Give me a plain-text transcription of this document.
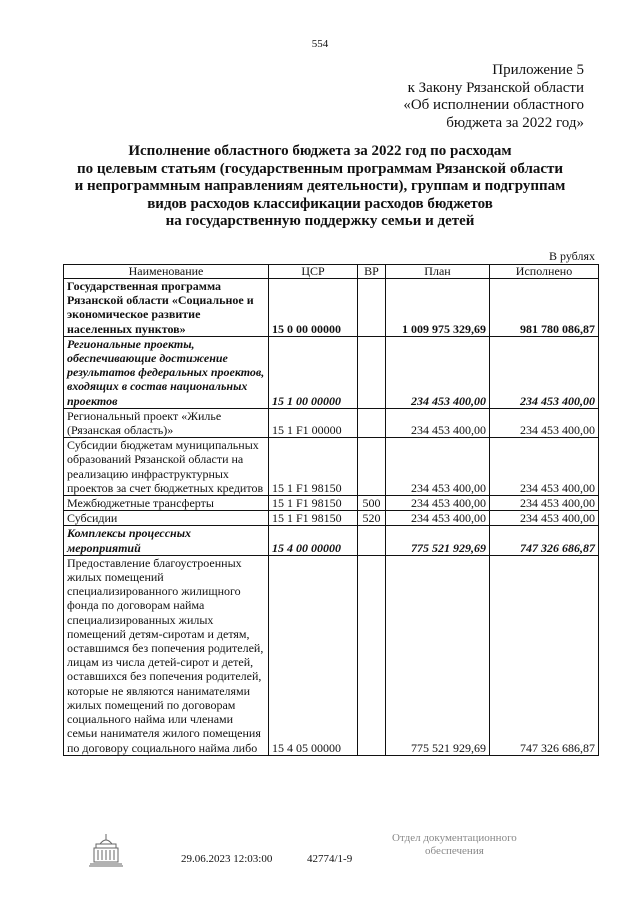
554
Приложение 5
к Закону Рязанской области
«Об исполнении областного
бюджета за 2022 год»
Исполнение областного бюджета за 2022 год по расходам
по целевым статьям (государственным программам Рязанской области
и непрограммным направлениям деятельности), группам и подгруппам
видов расходов классификации расходов бюджетов
на государственную поддержку семьи и детей
В рублях
Наименование	ЦСР	ВР	План	Исполнено
Государственная программа Рязанской области «Социальное и экономическое развитие населенных пунктов»	15 0 00 00000		1 009 975 329,69	981 780 086,87
Региональные проекты, обеспечивающие достижение результатов федеральных проектов, входящих в состав национальных проектов	15 1 00 00000		234 453 400,00	234 453 400,00
Региональный проект «Жилье (Рязанская область)»	15 1 F1 00000		234 453 400,00	234 453 400,00
Субсидии бюджетам муниципальных образований Рязанской области на реализацию инфраструктурных проектов за счет бюджетных кредитов	15 1 F1 98150		234 453 400,00	234 453 400,00
Межбюджетные трансферты	15 1 F1 98150	500	234 453 400,00	234 453 400,00
Субсидии	15 1 F1 98150	520	234 453 400,00	234 453 400,00
Комплексы процессных мероприятий	15 4 00 00000		775 521 929,69	747 326 686,87
Предоставление благоустроенных жилых помещений специализированного жилищного фонда по договорам найма специализированных жилых помещений детям-сиротам и детям, оставшимся без попечения родителей, лицам из числа детей-сирот и детей, оставшихся без попечения родителей, которые не являются нанимателями жилых помещений по договорам социального найма или членами семьи нанимателя жилого помещения по договору социального найма либо	15 4 05 00000		775 521 929,69	747 326 686,87
29.06.2023 12:03:00	42774/1-9
Отдел документационного
обеспечения
